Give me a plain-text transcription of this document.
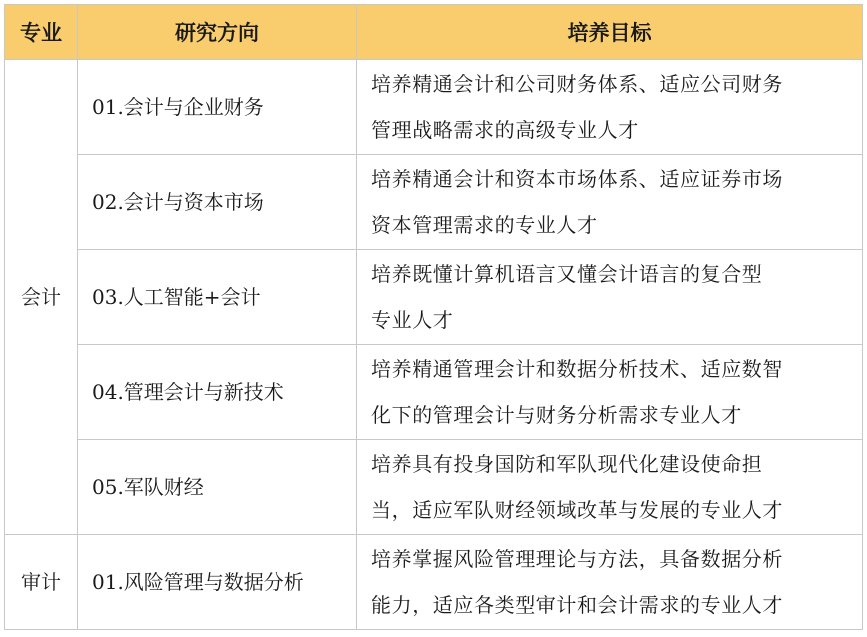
专业	研究方向	培养目标
会计	01.会计与企业财务	培养精通会计和公司财务体系、适应公司财务
管理战略需求的高级专业人才

	02.会计与资本市场	培养精通会计和资本市场体系、适应证券市场
资本管理需求的专业人才

	03.人工智能+会计	培养既懂计算机语言又懂会计语言的复合型
专业人才

	04.管理会计与新技术	培养精通管理会计和数据分析技术、适应数智
化下的管理会计与财务分析需求专业人才

	05.军队财经	培养具有投身国防和军队现代化建设使命担
当，适应军队财经领域改革与发展的专业人才

审计	01.风险管理与数据分析	培养掌握风险管理理论与方法，具备数据分析
能力，适应各类型审计和会计需求的专业人才
